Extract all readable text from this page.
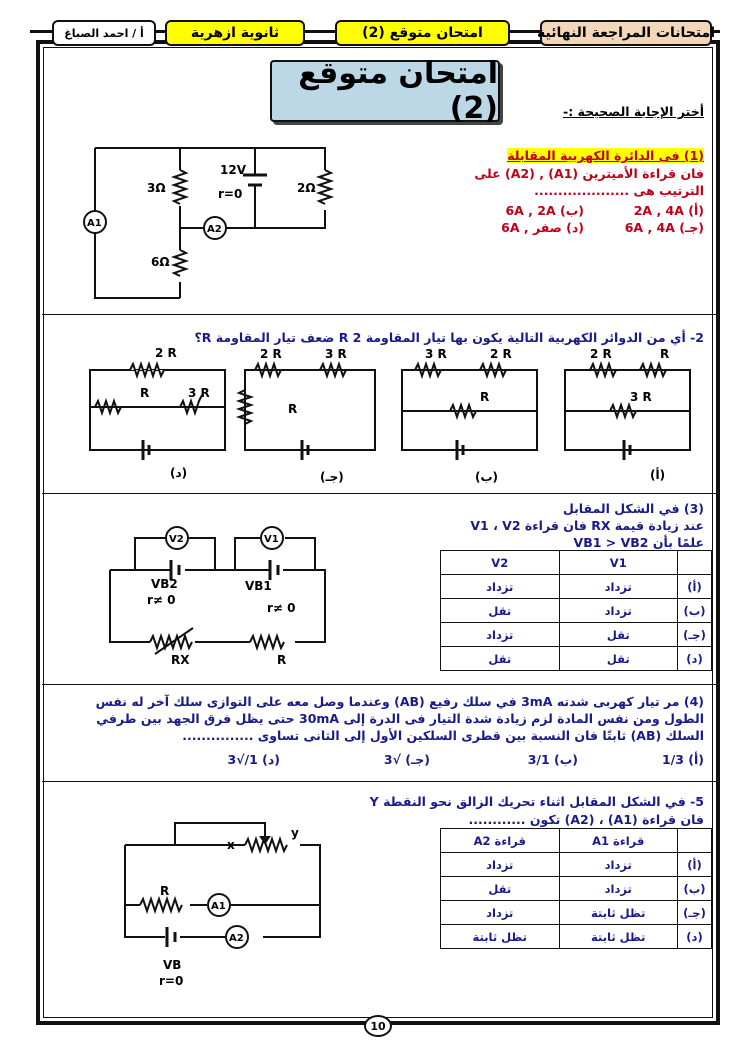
امتحانات المراجعة النهائية
امتحان متوقع (2)
ثانوية ازهرية
أ / احمد الصباغ
امتحان متوقع (2)	أختر الإجابة الصحيحة :-
(1) فى الدائرة الكهربية المقابلة
فان قراءة الأميترين (A1) , (A2) على الترتيب هى ....................
(أ) 2A , 4A
(ب) 6A , 2A
(جـ) 6A , 4A
(د) صفر , 6A
12V
r=0
3Ω	2Ω
6Ω
A1
A2
2- أي من الدوائر الكهربية التالية يكون بها تيار المقاومة R 2 ضعف تيار المقاومة R؟
2 R
R	3 R
2 R	3 R
R
3 R	2 R
R
2 R	R
3 R
(د)	(جـ)	(ب)	(أ)
(3) في الشكل المقابل
عند زيادة قيمة RX فان قراءة V1 ، V2
علمًا بأن VB1 > VB2
	V1	V2
(أ)	تزداد	تزداد
(ب)	تزداد	تقل
(جـ)	تقل	تزداد
(د)	تقل	تقل
V2	V1
VB2	VB1
r≠ 0
r≠ 0
RX	R
(4) مر تيار كهربى شدته 3mA في سلك رفيع (AB) وعندما وصل معه على التوازى سلك آخر له نفس الطول ومن نفس المادة لزم زيادة شدة التيار فى الدرة إلى 30mA حتى يظل فرق الجهد بين طرفي السلك (AB) ثابتًا فان النسبة بين قطرى السلكين الأول إلى الثانى تساوى ...............
(أ) 1/3
(ب) 3/1
(جـ) √3
(د) 1/√3
5- في الشكل المقابل اثناء تحريك الزالق نحو النقطة Y
فان قراءة (A1) ، (A2) تكون ............
	قراءة A1	قراءة A2
(أ)	تزداد	تزداد
(ب)	تزداد	تقل
(جـ)	تظل ثابتة	تزداد
(د)	تظل ثابتة	تظل ثابتة
x
y
R
A1
A2
VB
r=0
10
